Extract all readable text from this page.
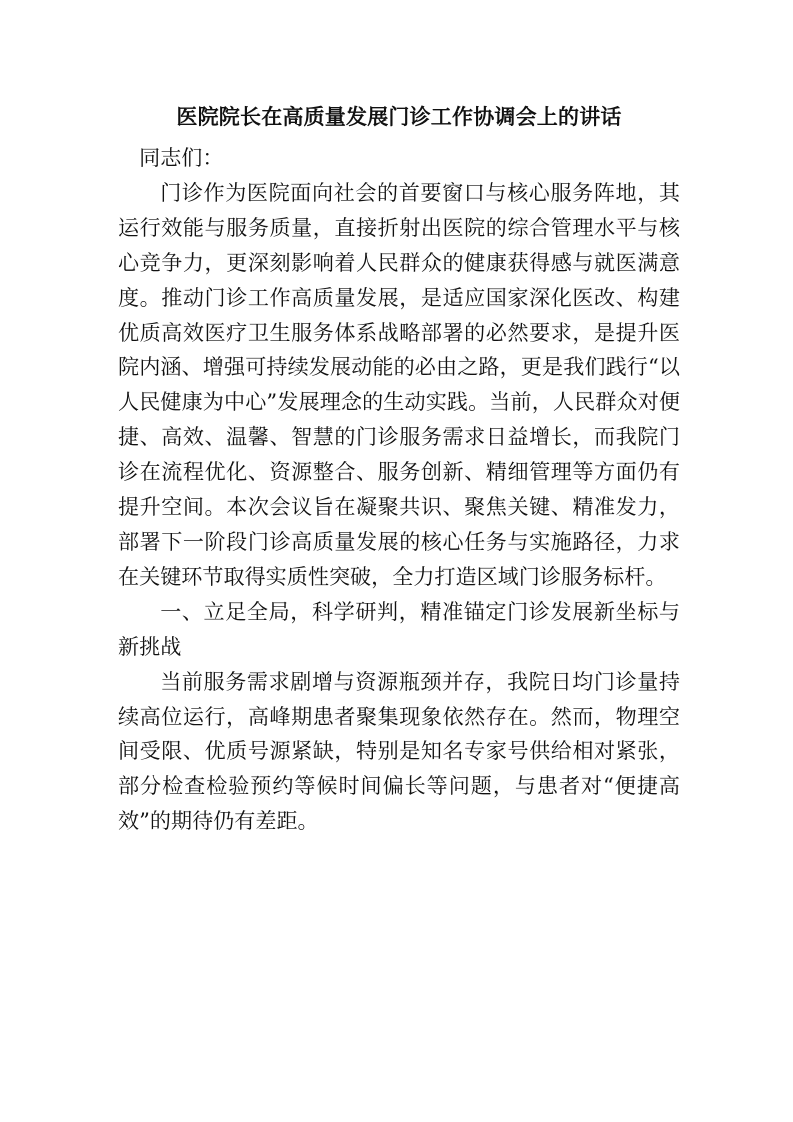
医院院长在高质量发展门诊工作协调会上的讲话

同志们：

门诊作为医院面向社会的首要窗口与核心服务阵地，其运行效能与服务质量，直接折射出医院的综合管理水平与核心竞争力，更深刻影响着人民群众的健康获得感与就医满意度。推动门诊工作高质量发展，是适应国家深化医改、构建优质高效医疗卫生服务体系战略部署的必然要求，是提升医院内涵、增强可持续发展动能的必由之路，更是我们践行“以人民健康为中心”发展理念的生动实践。当前，人民群众对便捷、高效、温馨、智慧的门诊服务需求日益增长，而我院门诊在流程优化、资源整合、服务创新、精细管理等方面仍有提升空间。本次会议旨在凝聚共识、聚焦关键、精准发力，部署下一阶段门诊高质量发展的核心任务与实施路径，力求在关键环节取得实质性突破，全力打造区域门诊服务标杆。

一、立足全局，科学研判，精准锚定门诊发展新坐标与新挑战

当前服务需求剧增与资源瓶颈并存，我院日均门诊量持续高位运行，高峰期患者聚集现象依然存在。然而，物理空间受限、优质号源紧缺，特别是知名专家号供给相对紧张，部分检查检验预约等候时间偏长等问题，与患者对“便捷高效”的期待仍有差距。
